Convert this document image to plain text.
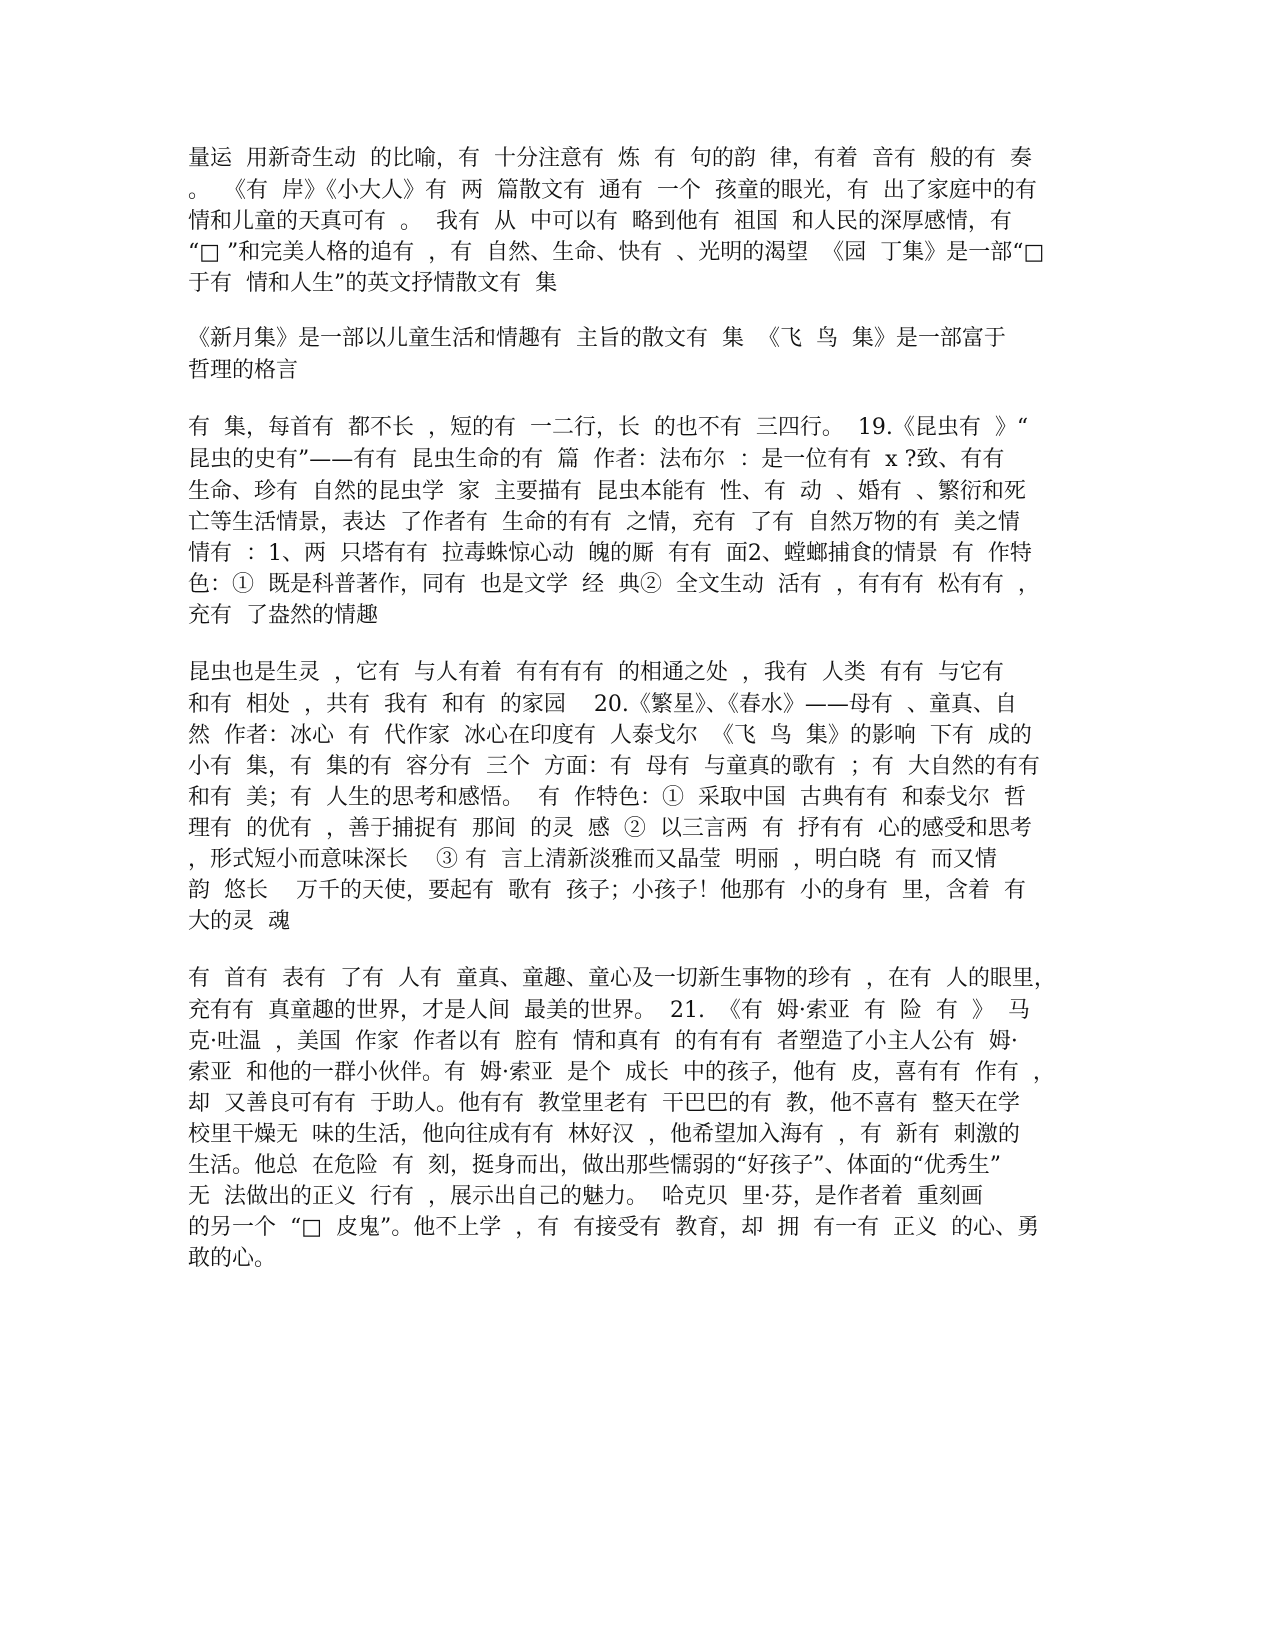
量运  用新奇生动  的比喻，有  十分注意有  炼  有  句的韵  律，有着  音有  般的有  奏
。  《有  岸》《小大人》有  两  篇散文有  通有  一个  孩童的眼光，有  出了家庭中的有
情和儿童的天真可有  。  我有  从  中可以有  略到他有  祖国  和人民的深厚感情，有
“□ ”和完美人格的追有  ，有  自然、生命、快有  、光明的渴望  《园  丁集》是一部“□
于有  情和人生”的英文抒情散文有  集
《新月集》是一部以儿童生活和情趣有  主旨的散文有  集  《飞  鸟  集》是一部富于
哲理的格言
有  集，每首有  都不长  ，短的有  一二行，长  的也不有  三四行。  19.《昆虫有  》“
昆虫的史有”——有有  昆虫生命的有  篇  作者：法布尔  ：是一位有有  x ?致、有有
生命、珍有  自然的昆虫学  家  主要描有  昆虫本能有  性、有  动  、婚有  、繁衍和死
亡等生活情景，表达  了作者有  生命的有有  之情，充有  了有  自然万物的有  美之情
情有  ：1、两  只塔有有  拉毒蛛惊心动  魄的厮  有有  面2、螳螂捕食的情景  有  作特
色：①  既是科普著作，同有  也是文学  经  典②  全文生动  活有  ，有有有  松有有  ，
充有  了盎然的情趣
昆虫也是生灵  ，它有  与人有着  有有有有  的相通之处  ，我有  人类  有有  与它有
和有  相处  ，共有  我有  和有  的家园    20.《繁星》、《春水》——母有  、童真、自
然  作者：冰心  有  代作家  冰心在印度有  人泰戈尔  《飞  鸟  集》的影响  下有  成的
小有  集，有  集的有  容分有  三个  方面：有  母有  与童真的歌有  ；有  大自然的有有
和有  美；有  人生的思考和感悟。  有  作特色：①  采取中国  古典有有  和泰戈尔  哲
理有  的优有  ，善于捕捉有  那间  的灵  感  ②  以三言两  有  抒有有  心的感受和思考
，形式短小而意味深长    ③ 有  言上清新淡雅而又晶莹  明丽  ，明白晓  有  而又情
韵  悠长    万千的天使，要起有  歌有  孩子；小孩子！他那有  小的身有  里，含着  有
大的灵  魂
有  首有  表有  了有  人有  童真、童趣、童心及一切新生事物的珍有  ，在有  人的眼里，
充有有  真童趣的世界，才是人间  最美的世界。  21.  《有  姆·索亚  有  险  有  》  马
克·吐温  ，美国  作家  作者以有  腔有  情和真有  的有有有  者塑造了小主人公有  姆·
索亚  和他的一群小伙伴。有  姆·索亚  是个  成长  中的孩子，他有  皮，喜有有  作有  ，
却  又善良可有有  于助人。他有有  教堂里老有  干巴巴的有  教，他不喜有  整天在学
校里干燥无  味的生活，他向往成有有  林好汉  ，他希望加入海有  ，有  新有  刺激的
生活。他总  在危险  有  刻，挺身而出，做出那些懦弱的“好孩子”、体面的“优秀生”
无  法做出的正义  行有  ，展示出自己的魅力。  哈克贝  里·芬，是作者着  重刻画
的另一个  “□  皮鬼”。他不上学  ，有  有接受有  教育，却  拥  有一有  正义  的心、勇
敢的心。
